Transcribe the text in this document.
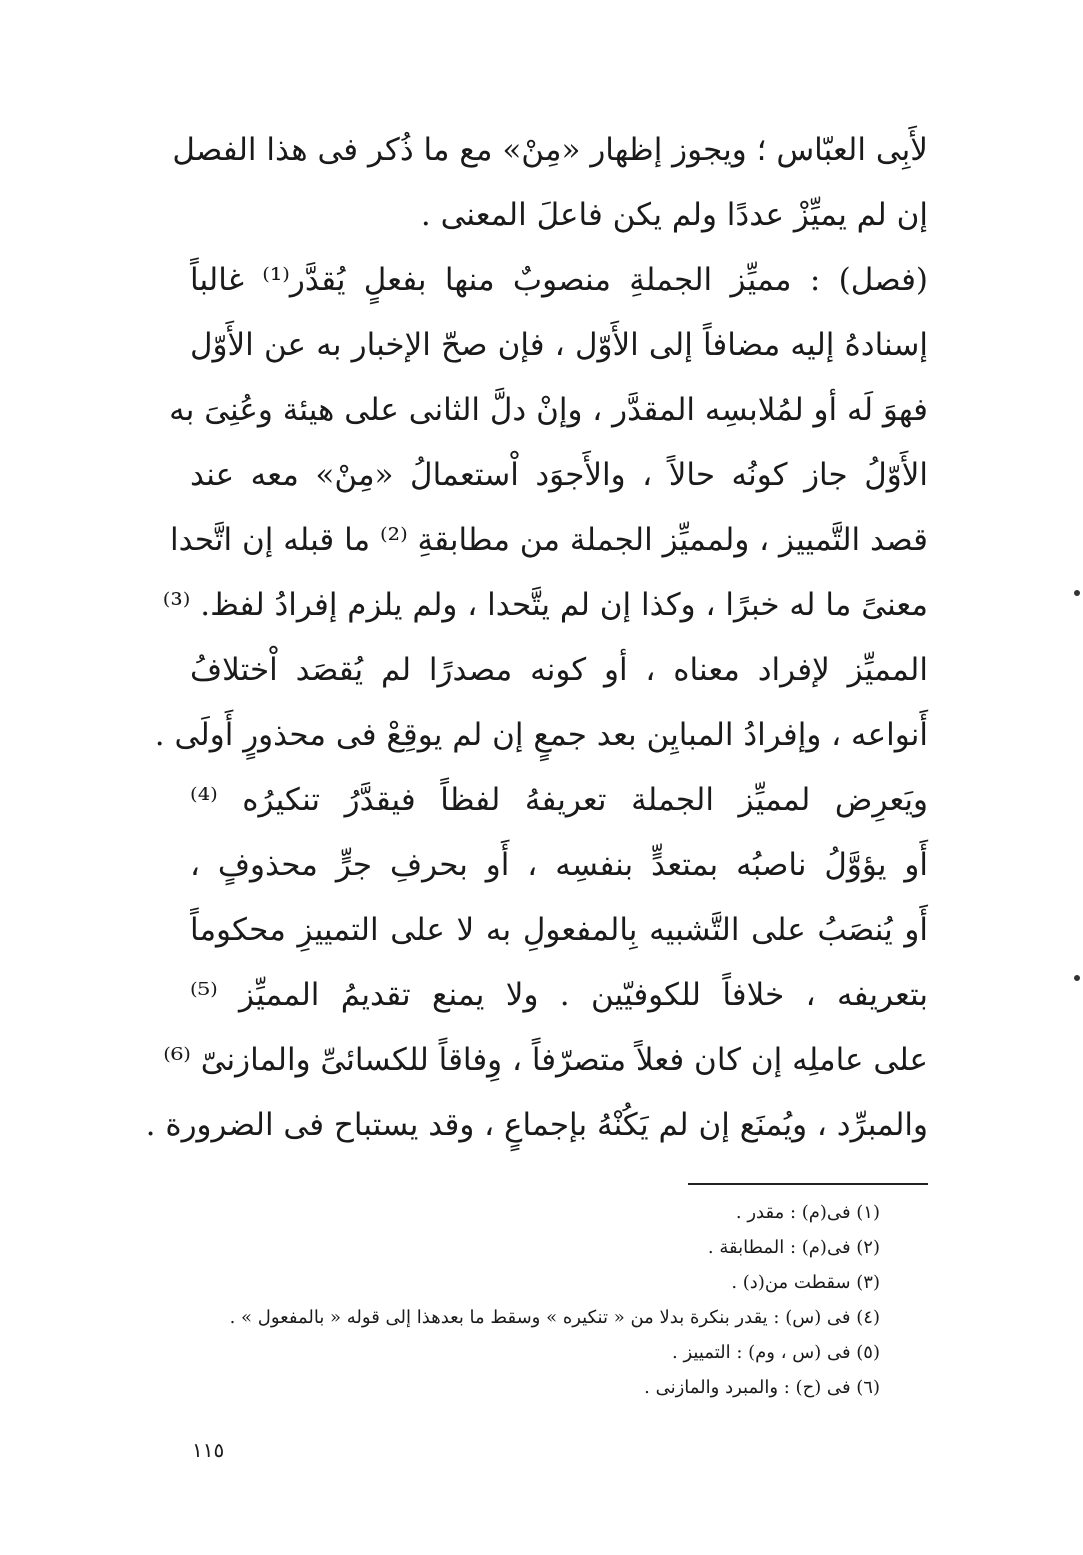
لأَبِى العبّاس ؛ ويجوز إظهار «مِنْ» مع ما ذُكر فى هذا الفصل
إن لم يميِّزْ عددًا ولم يكن فاعلَ المعنى .
(فصل) : مميِّز الجملةِ منصوبٌ منها بفعلٍ يُقدَّر⁽¹⁾ غالباً
إسنادهُ إليه مضافاً إلى الأَوّل ، فإن صحّ الإخبار به عن الأَوّل
فهوَ لَه أو لمُلابسِه المقدَّر ، وإنْ دلَّ الثانى على هيئة وعُنِىَ به
الأَوّلُ جاز كونُه حالاً ، والأَجوَد اْستعمالُ «مِنْ» معه عند
قصد التَّمييز ، ولمميِّز الجملة من مطابقةِ ⁽²⁾ ما قبله إن اتَّحدا
معنىً ما له خبرًا ، وكذا إن لم يتَّحدا ، ولم يلزم إفرادُ لفظ. ⁽³⁾
المميِّز لإفراد معناه ، أو كونه مصدرًا لم يُقصَد اْختلافُ
أَنواعه ، وإفرادُ المبايِن بعد جمعٍ إن لم يوقِعْ فى محذورٍ أَولَى .
ويَعرِض لمميِّز الجملة تعريفهُ لفظاً فيقدَّرُ تنكيرُه ⁽⁴⁾
أَو يؤوَّلُ ناصبُه بمتعدٍّ بنفسِه ، أَو بحرفِ جرٍّ محذوفٍ ،
أَو يُنصَبُ على التَّشبيه بِالمفعولِ به لا على التمييزِ محكوماً
بتعريفه ، خلافاً للكوفيّين . ولا يمنع تقديمُ المميِّز ⁽⁵⁾
على عاملِه إن كان فعلاً متصرّفاً ، وِفاقاً للكسائىِّ والمازنىّ ⁽⁶⁾
والمبرِّد ، ويُمنَع إن لم يَكُنْهُ بإجماعٍ ، وقد يستباح فى الضرورة .
(١) فى(م) : مقدر .
(٢) فى(م) : المطابقة .
(٣) سقطت من(د) .
(٤) فى (س) : يقدر بنكرة بدلا من « تنكيره » وسقط ما بعدهذا إلى قوله « بالمفعول » .
(٥) فى (س ، وم) : التمييز .
(٦) فى (ح) : والمبرد والمازنى .
١١٥
